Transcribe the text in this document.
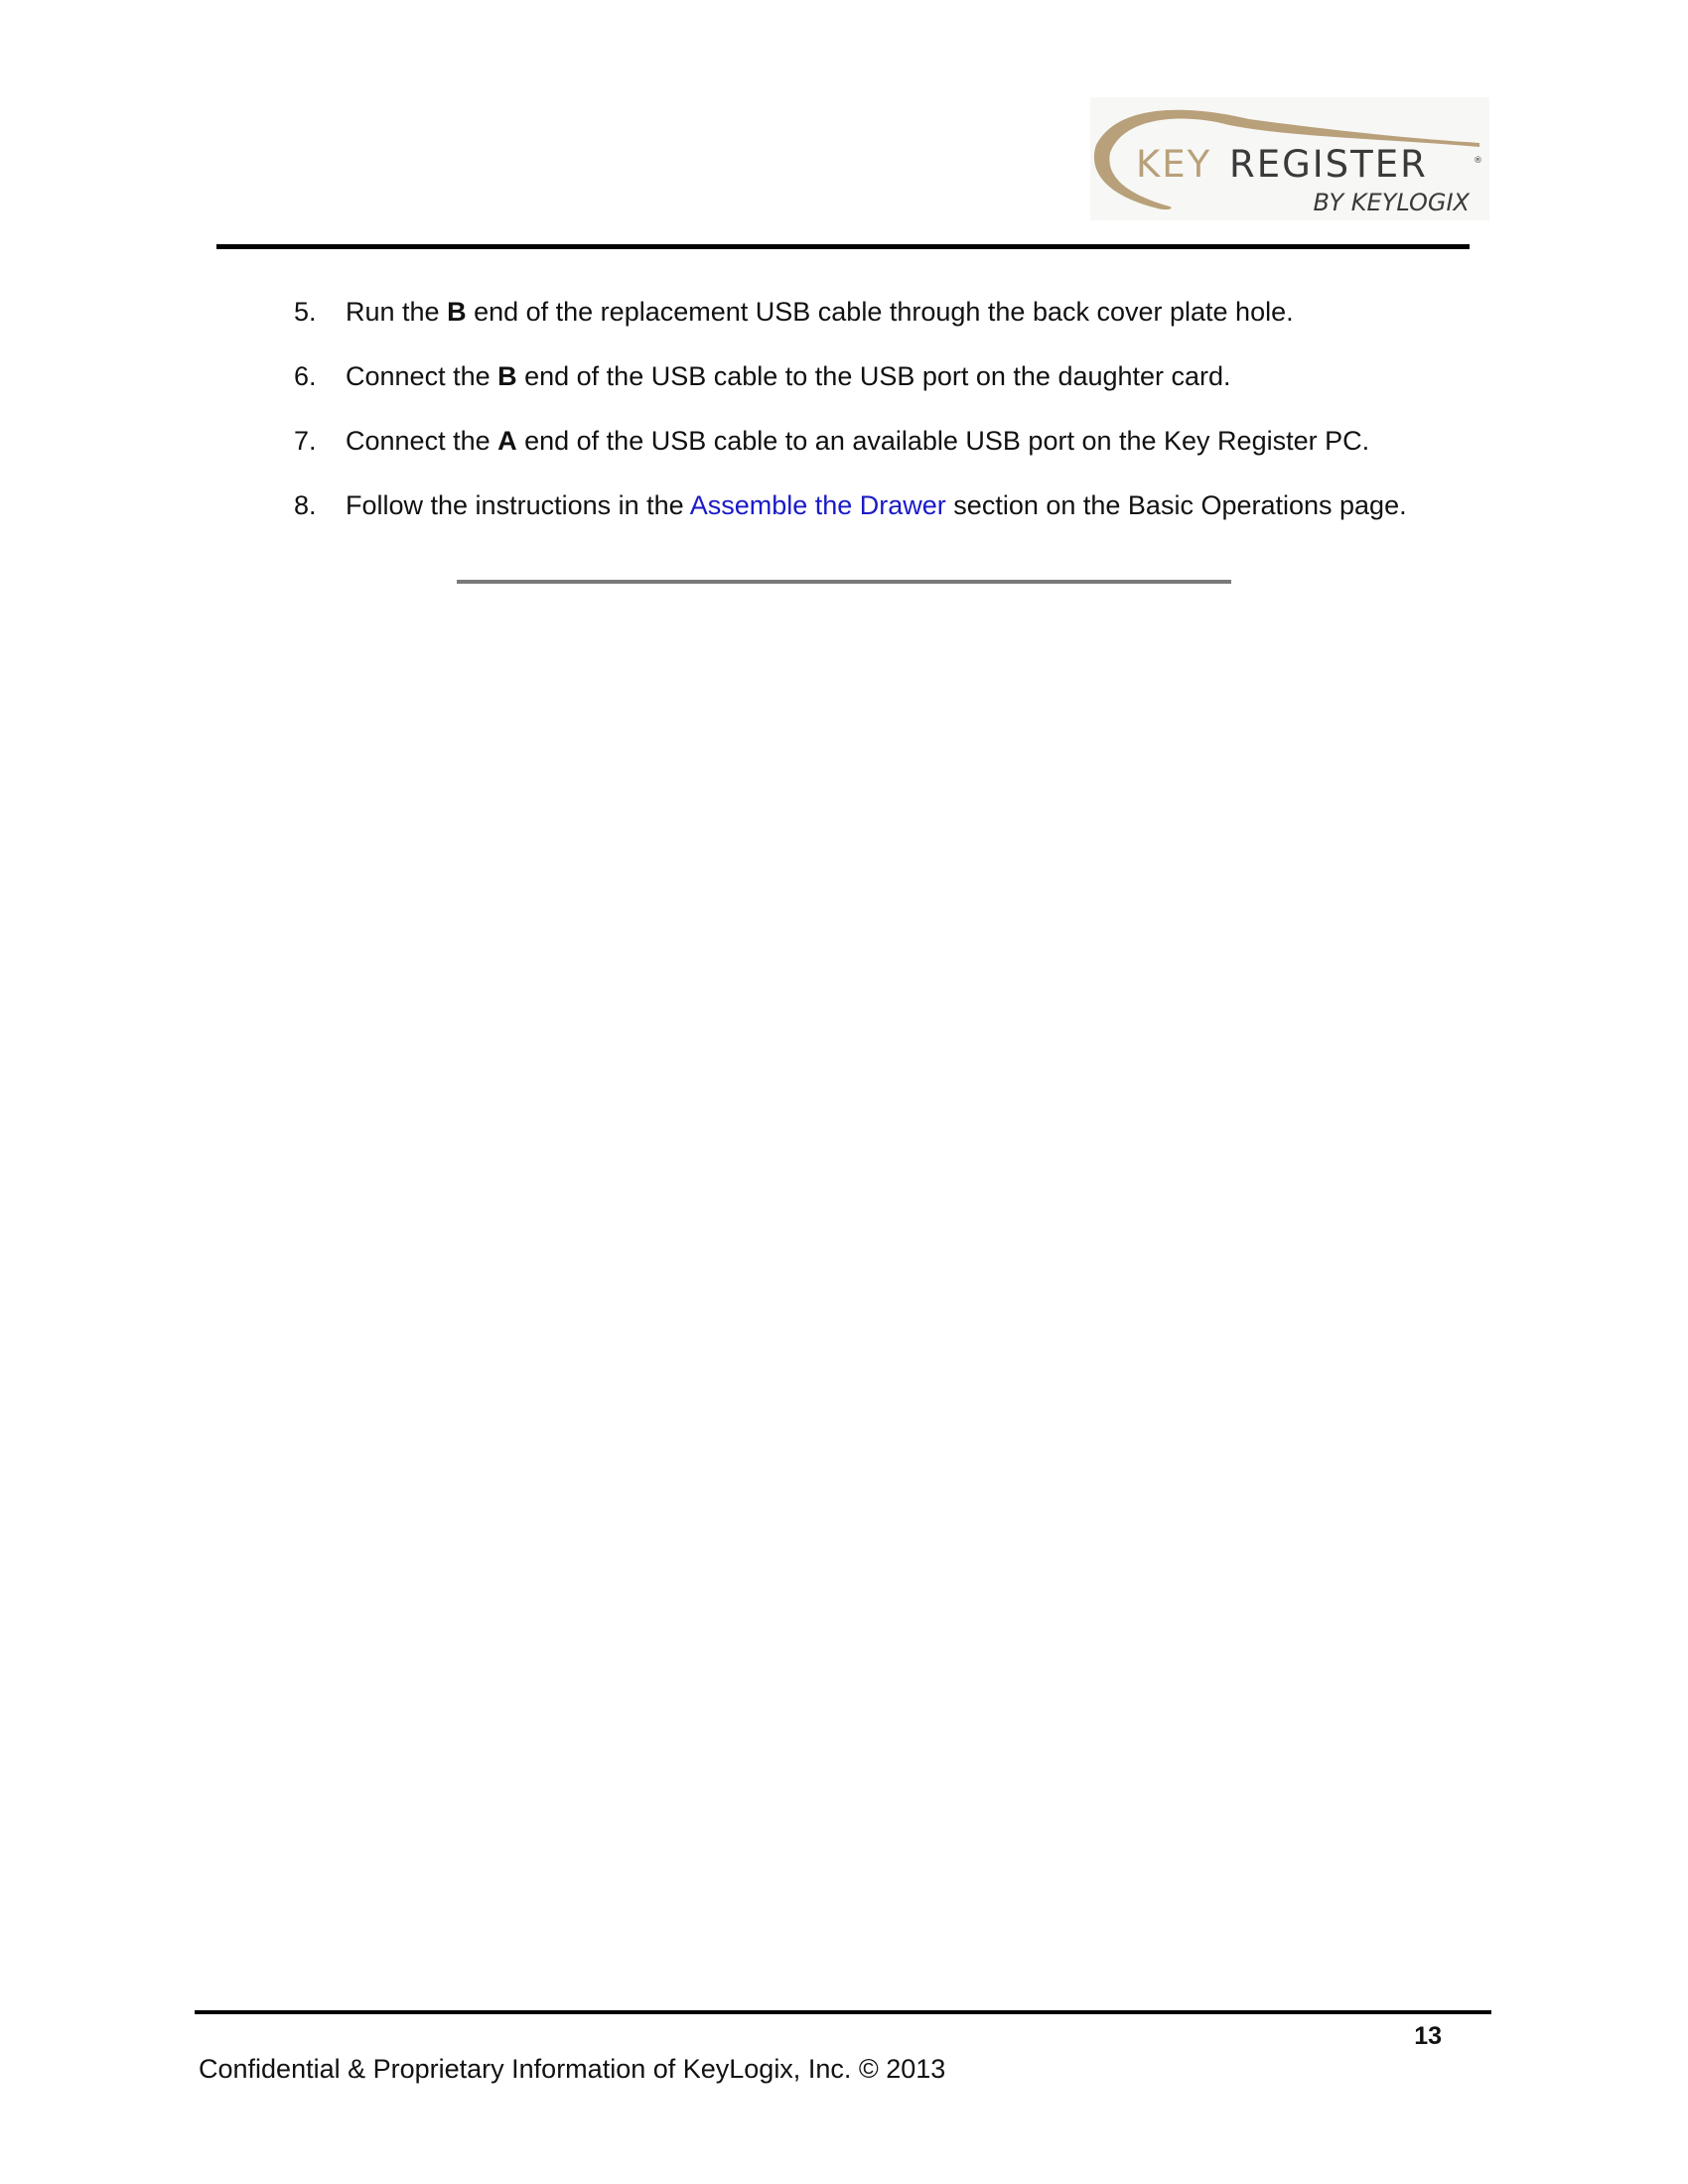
KEY REGISTER	®
BY KEYLOGIX
5. Run the B end of the replacement USB cable through the back cover plate hole.
6. Connect the B end of the USB cable to the USB port on the daughter card.
7. Connect the A end of the USB cable to an available USB port on the Key Register PC.
8. Follow the instructions in the Assemble the Drawer section on the Basic Operations page.
13
Confidential & Proprietary Information of KeyLogix, Inc. © 2013
